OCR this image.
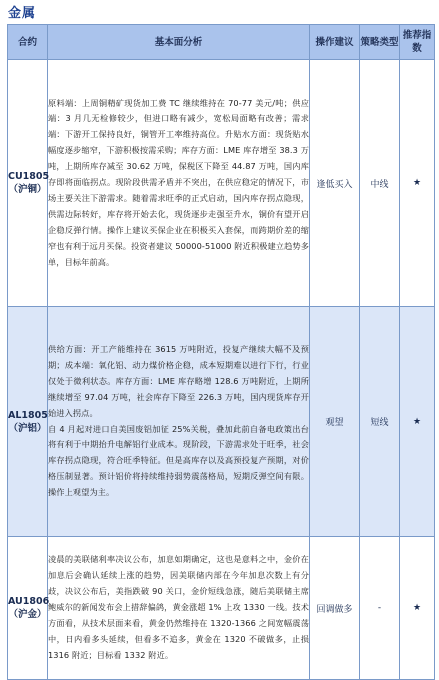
金属
合约	基本面分析	操作建议	策略类型	推荐指数

CU1805
（沪铜）	原料端：上周铜精矿现货加工费 TC 继续维持在 70-77 美元/吨；供应端：3 月几无检修较少，但进口略有减少，宽松局面略有改善；需求端：下游开工保持良好，铜管开工率维持高位。升贴水方面：现货贴水幅度逐步缩窄，下游积极按需采购；库存方面：LME 库存增至 38.3 万吨，上期所库存减至 30.62 万吨，保税区下降至 44.87 万吨，国内库存即将面临拐点。现阶段供需矛盾并不突出，在供应稳定的情况下，市场主要关注下游需求。随着需求旺季的正式启动，国内库存拐点隐现，供需边际转好，库存将开始去化，现货逐步走强至升水，铜价有望开启企稳反弹行情。操作上建议买保企业在积极买入套保，而跨期价差的缩窄也有利于远月买保。投资者建议 50000-51000 附近积极建立趋势多单，目标年前高。	逢低买入	中线	★

AL1805
（沪铝）	供给方面：开工产能维持在 3615 万吨附近，投复产继续大幅不及预期；成本端：氧化铝、动力煤价格企稳，成本短期难以进行下行，行业仅处于微利状态。库存方面：LME 库存略增 128.6 万吨附近，上期所继续增至 97.04 万吨，社会库存下降至 226.3 万吨，国内现货库存开始进入拐点。
自 4 月起对进口自美国废铝加征 25%关税，叠加此前自备电政策出台将有利于中期抬升电解铝行业成本。现阶段，下游需求处于旺季，社会库存拐点隐现，符合旺季特征。但是高库存以及高预投复产预期，对价格压制显著。预计铝价将持续维持弱势震荡格局，短期反弹空间有限。操作上观望为主。	观望	短线	★

AU1806
（沪金）	凌晨的美联储利率决议公布，加息如期确定，这也是意料之中，金价在加息后会确认延续上涨的趋势，因美联储内部在今年加息次数上有分歧，决议公布后，美指跌破 90 关口，金价短线急涨，随后美联储主席鲍威尔的新闻发布会上措辞偏鸽，黄金涨超 1% 上攻 1330 一线。技术方面看，从技术层面来看，黄金仍然维持在 1320-1366 之间宽幅震荡中，日内看多头延续，但看多不追多，黄金在 1320 不破做多，止损 1316 附近；目标看 1332 附近。	回调做多	-	★
